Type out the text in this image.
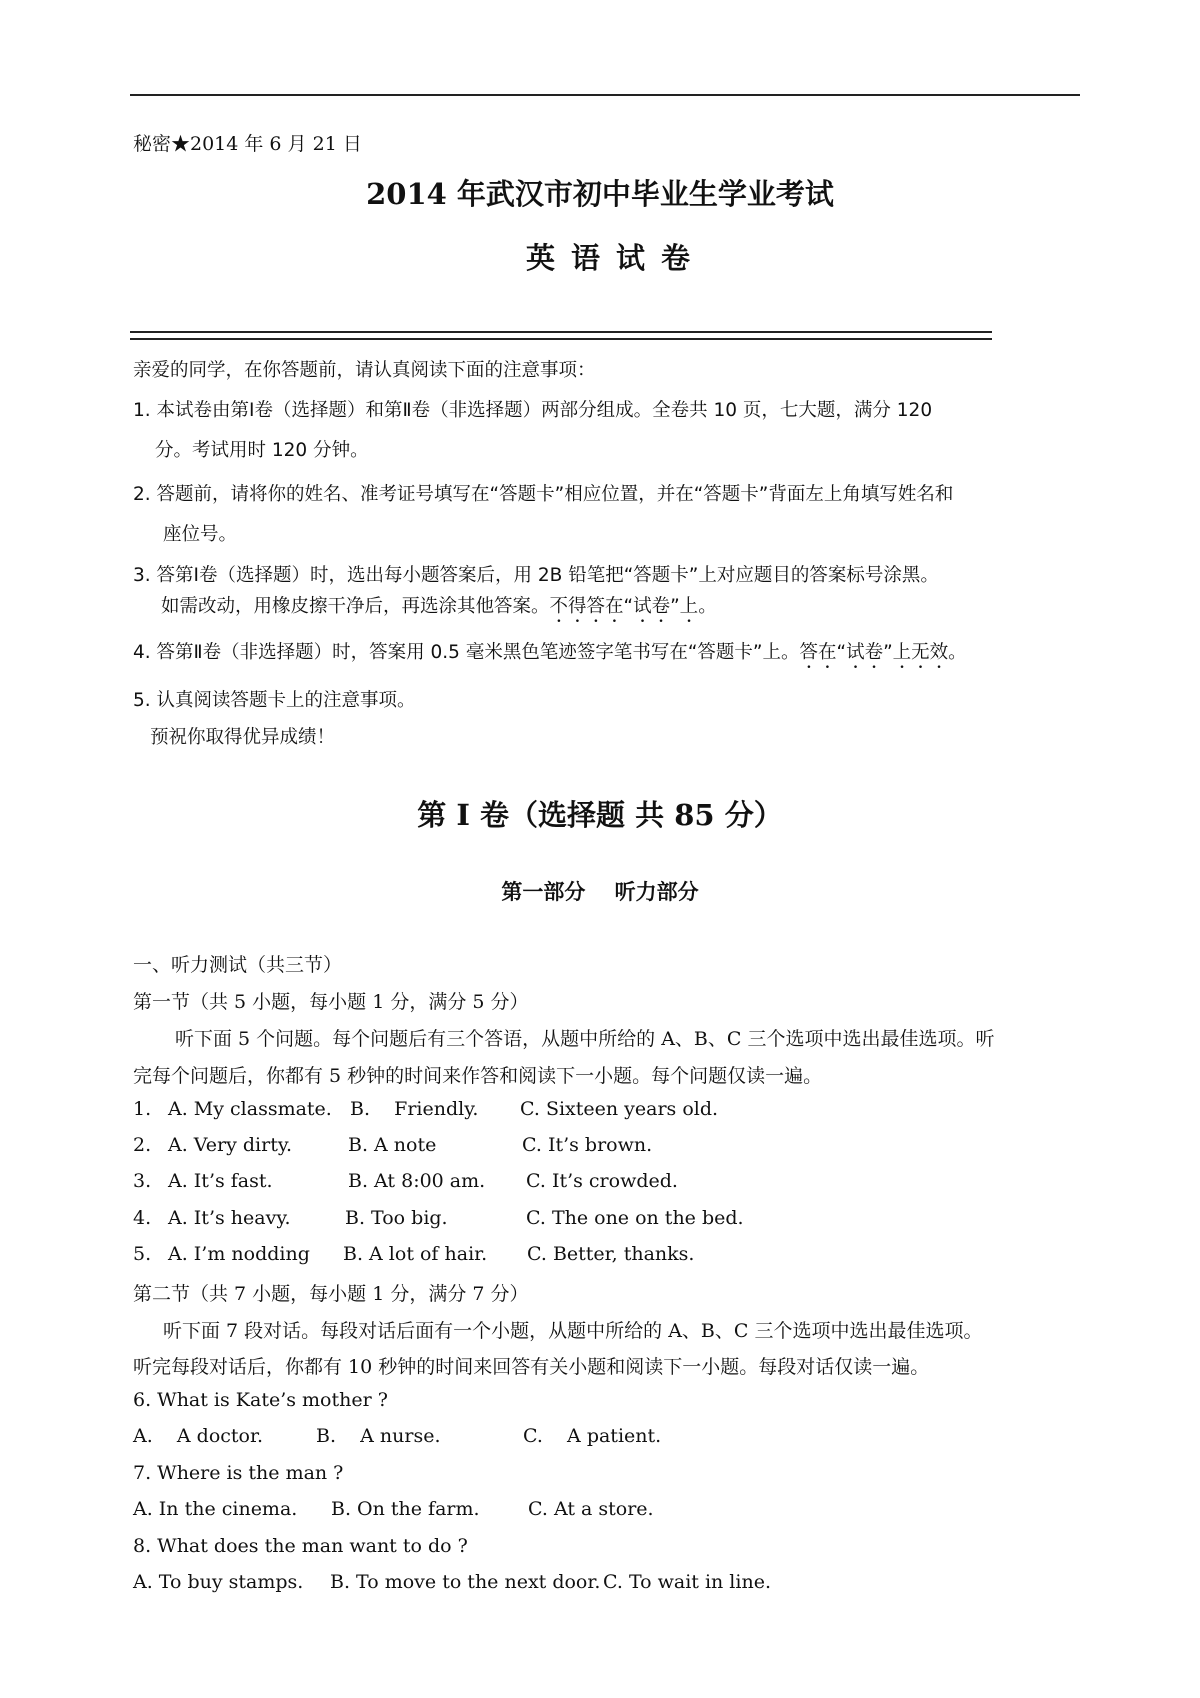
秘密★2014 年 6 月 21 日
2014 年武汉市初中毕业生学业考试
英语试卷
亲爱的同学，在你答题前，请认真阅读下面的注意事项：
1. 本试卷由第Ⅰ卷（选择题）和第Ⅱ卷（非选择题）两部分组成。全卷共 10 页，七大题，满分 120
分。考试用时 120 分钟。
2. 答题前，请将你的姓名、准考证号填写在“答题卡”相应位置，并在“答题卡”背面左上角填写姓名和
座位号。
3. 答第Ⅰ卷（选择题）时，选出每小题答案后，用 2B 铅笔把“答题卡”上对应题目的答案标号涂黑。
如需改动，用橡皮擦干净后，再选涂其他答案。不得答在“试卷”上。
4. 答第Ⅱ卷（非选择题）时，答案用 0.5 毫米黑色笔迹签字笔书写在“答题卡”上。答在“试卷”上无效。
5. 认真阅读答题卡上的注意事项。
预祝你取得优异成绩！
第 I 卷（选择题 共 85 分）
第一部分 听力部分
一、听力测试（共三节）
第一节（共 5 小题，每小题 1 分，满分 5 分）
听下面 5 个问题。每个问题后有三个答语，从题中所给的 A、B、C 三个选项中选出最佳选项。听
完每个问题后，你都有 5 秒钟的时间来作答和阅读下一小题。每个问题仅读一遍。
1. A. My classmate. B.    Friendly. C. Sixteen years old.
2. A. Very dirty.	B. A note	C. It’s brown.
3. A. It’s fast.	B. At 8:00 am. C. It’s crowded.
4. A. It’s heavy.	B. Too big.	C. The one on the bed.
5. A. I’m nodding B. A lot of hair. C. Better, thanks.
第二节（共 7 小题，每小题 1 分，满分 7 分）
听下面 7 段对话。每段对话后面有一个小题，从题中所给的 A、B、C 三个选项中选出最佳选项。
听完每段对话后，你都有 10 秒钟的时间来回答有关小题和阅读下一小题。每段对话仅读一遍。
6. What is Kate’s mother ?
A.    A doctor.	B.    A nurse.	C.    A patient.
7. Where is the man ?
A. In the cinema. B. On the farm.	C. At a store.
8. What does the man want to do ?
A. To buy stamps. B. To move to the next door. C. To wait in line.
